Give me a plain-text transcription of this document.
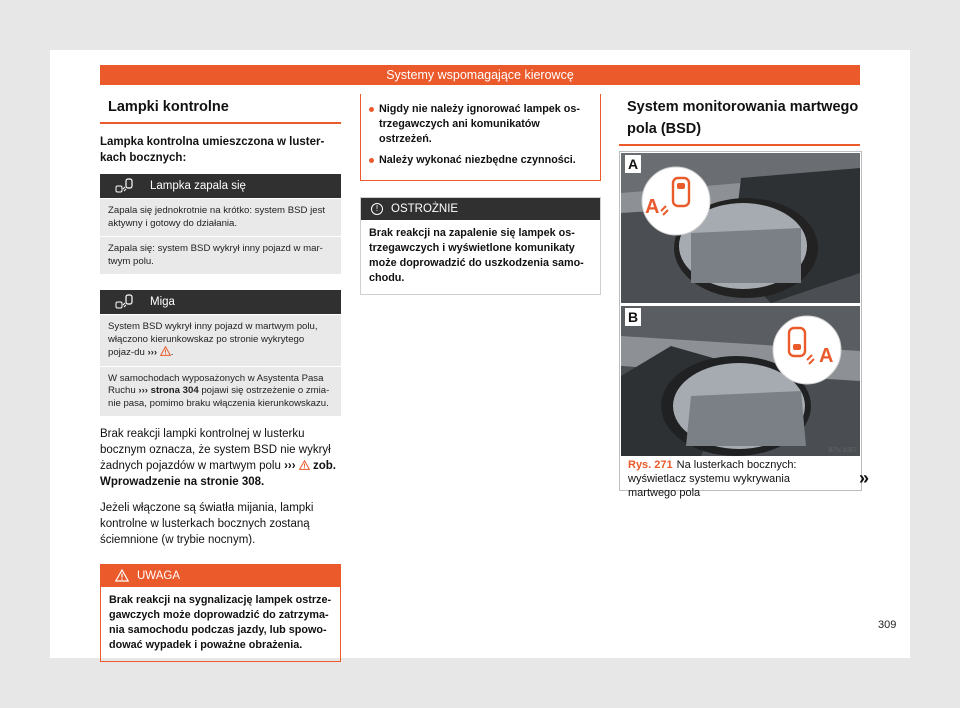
Systemy wspomagające kierowcę
Lampki kontrolne
Lampka kontrolna umieszczona w luster-kach bocznych:
Lampka zapala się
Zapala się jednokrotnie na krótko: system BSD jest aktywny i gotowy do działania.
Zapala się: system BSD wykrył inny pojazd w mar-twym polu.
Miga
System BSD wykrył inny pojazd w martwym polu, włączono kierunkowskaz po stronie wykrytego pojaz-du ››› .
W samochodach wyposażonych w Asystenta Pasa Ruchu ››› strona 304 pojawi się ostrzeżenie o zmia-nie pasa, pomimo braku włączenia kierunkowskazu.
Brak reakcji lampki kontrolnej w lusterku bocznym oznacza, że system BSD nie wykrył żadnych pojazdów w martwym polu ››› zob. Wprowadzenie na stronie 308.
Jeżeli włączone są światła mijania, lampki kontrolne w lusterkach bocznych zostaną ściemnione (w trybie nocnym).
UWAGA
Brak reakcji na sygnalizację lampek ostrze-gawczych może doprowadzić do zatrzyma-nia samochodu podczas jazdy, lub spowo-dować wypadek i poważne obrażenia.
Nigdy nie należy ignorować lampek os-trzegawczych ani komunikatów ostrzeżeń.
Należy wykonać niezbędne czynności.
!	OSTROŻNIE
Brak reakcji na zapalenie się lampek os-trzegawczych i wyświetlone komunikaty może doprowadzić do uszkodzenia samo-chodu.
System monitorowania martwego pola (BSD)
A
A
A
B
B7V-1057
Rys. 271 Na lusterkach bocznych: wyświetlacz systemu wykrywania martwego pola
»
309
